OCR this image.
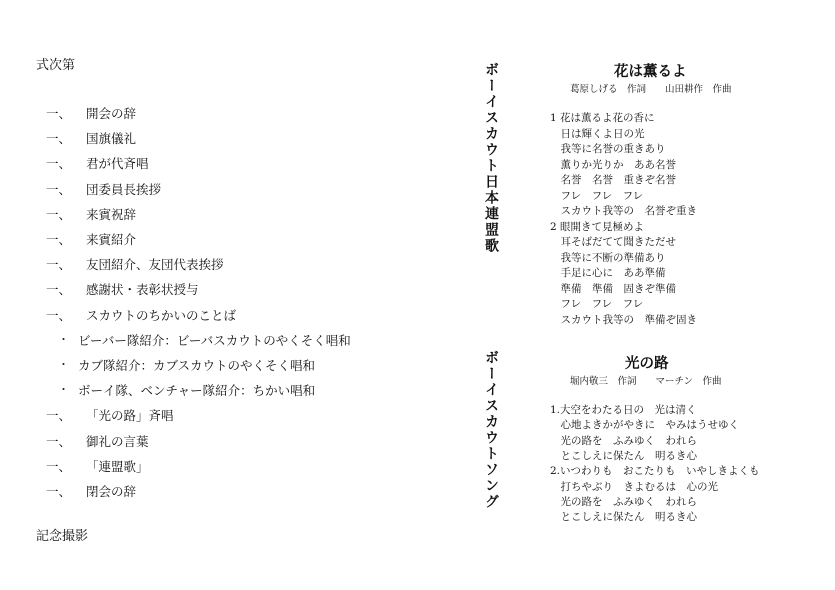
式次第
一、 開会の辞
一、 国旗儀礼
一、 君が代斉唱
一、 団委員長挨拶
一、 来賓祝辞
一、 来賓紹介
一、 友団紹介、友団代表挨拶
一、 感謝状・表彰状授与
一、 スカウトのちかいのことば
・ ビーバー隊紹介：ビーバスカウトのやくそく唱和
・ カブ隊紹介：カブスカウトのやくそく唱和
・ ボーイ隊、ベンチャー隊紹介：ちかい唱和
一、 「光の路」斉唱
一、 御礼の言葉
一、 「連盟歌」
一、 閉会の辞
記念撮影
ボーイスカウト日本連盟歌	花は薫るよ
葛原しげる　作詞　　山田耕作　作曲
1 花は薫るよ花の香に
　日は輝くよ日の光
　我等に名誉の重きあり
　薫りか光りか　ああ名誉
　名誉　名誉　重きぞ名誉
　フレ　フレ　フレ
　スカウト我等の　名誉ぞ重き
2 眼開きて見極めよ
　耳そばだてて聞きただせ
　我等に不断の準備あり
　手足に心に　ああ準備
　準備　準備　固きぞ準備
　フレ　フレ　フレ
　スカウト我等の　準備ぞ固き
ボーイスカウトソング	光の路
堀内敬三　作詞　　マーチン　作曲
1.大空をわたる日の　光は清く
　心地よきかがやきに　やみはうせゆく
　光の路を　ふみゆく　われら
　とこしえに保たん　明るき心
2.いつわりも　おこたりも　いやしきよくも
　打ちやぶり　きよむるは　心の光
　光の路を　ふみゆく　われら
　とこしえに保たん　明るき心
